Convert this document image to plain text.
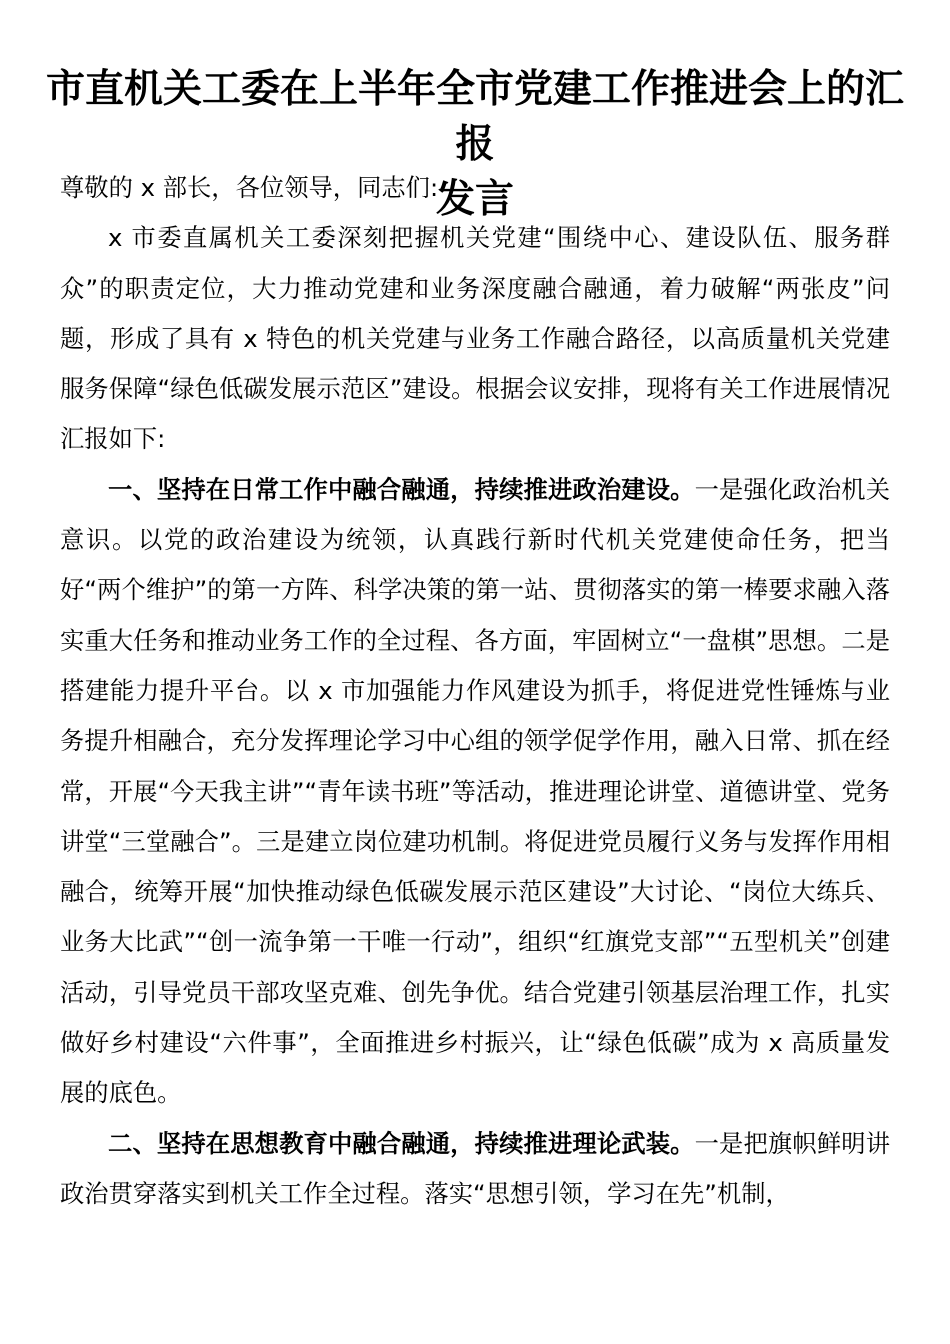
市直机关工委在上半年全市党建工作推进会上的汇报
发言

尊敬的 x 部长，各位领导，同志们:

x 市委直属机关工委深刻把握机关党建“围绕中心、建设队伍、服务群众”的职责定位，大力推动党建和业务深度融合融通，着力破解“两张皮”问题，形成了具有 x 特色的机关党建与业务工作融合路径，以高质量机关党建服务保障“绿色低碳发展示范区”建设。根据会议安排，现将有关工作进展情况汇报如下:

一、坚持在日常工作中融合融通，持续推进政治建设。一是强化政治机关意识。以党的政治建设为统领，认真践行新时代机关党建使命任务，把当好“两个维护”的第一方阵、科学决策的第一站、贯彻落实的第一棒要求融入落实重大任务和推动业务工作的全过程、各方面，牢固树立“一盘棋”思想。二是搭建能力提升平台。以 x 市加强能力作风建设为抓手，将促进党性锤炼与业务提升相融合，充分发挥理论学习中心组的领学促学作用，融入日常、抓在经常，开展“今天我主讲”“青年读书班”等活动，推进理论讲堂、道德讲堂、党务讲堂“三堂融合”。三是建立岗位建功机制。将促进党员履行义务与发挥作用相融合，统筹开展“加快推动绿色低碳发展示范区建设”大讨论、“岗位大练兵、业务大比武”“创一流争第一干唯一行动”，组织“红旗党支部”“五型机关”创建活动，引导党员干部攻坚克难、创先争优。结合党建引领基层治理工作，扎实做好乡村建设“六件事”，全面推进乡村振兴，让“绿色低碳”成为 x 高质量发展的底色。

二、坚持在思想教育中融合融通，持续推进理论武装。一是把旗帜鲜明讲政治贯穿落实到机关工作全过程。落实“思想引领，学习在先”机制，
